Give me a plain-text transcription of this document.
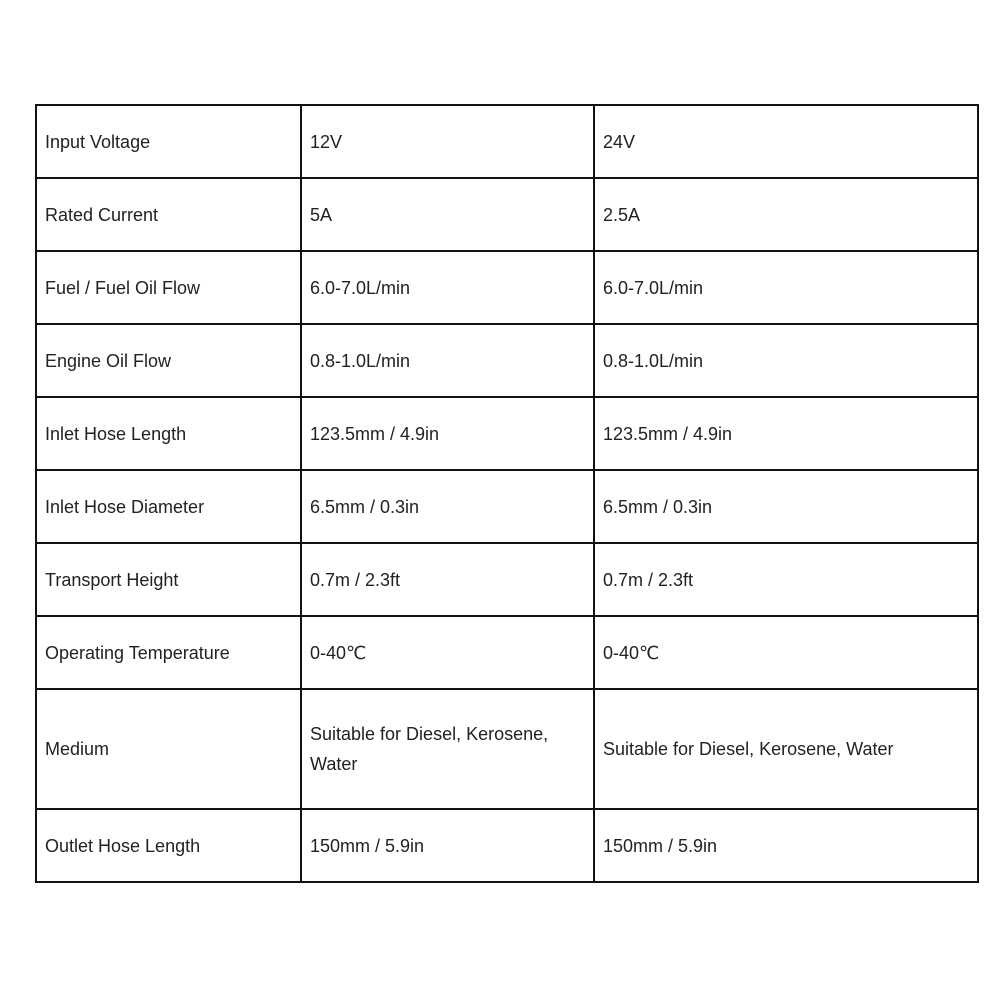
Input Voltage	12V	24V
Rated Current	5A	2.5A
Fuel / Fuel Oil Flow	6.0-7.0L/min	6.0-7.0L/min
Engine Oil Flow	0.8-1.0L/min	0.8-1.0L/min
Inlet Hose Length	123.5mm / 4.9in	123.5mm / 4.9in
Inlet Hose Diameter	6.5mm / 0.3in	6.5mm / 0.3in
Transport Height	0.7m / 2.3ft	0.7m / 2.3ft
Operating Temperature	0-40℃	0-40℃
Medium	Suitable for Diesel, Kerosene, Water	Suitable for Diesel, Kerosene, Water
Outlet Hose Length	150mm / 5.9in	150mm / 5.9in
